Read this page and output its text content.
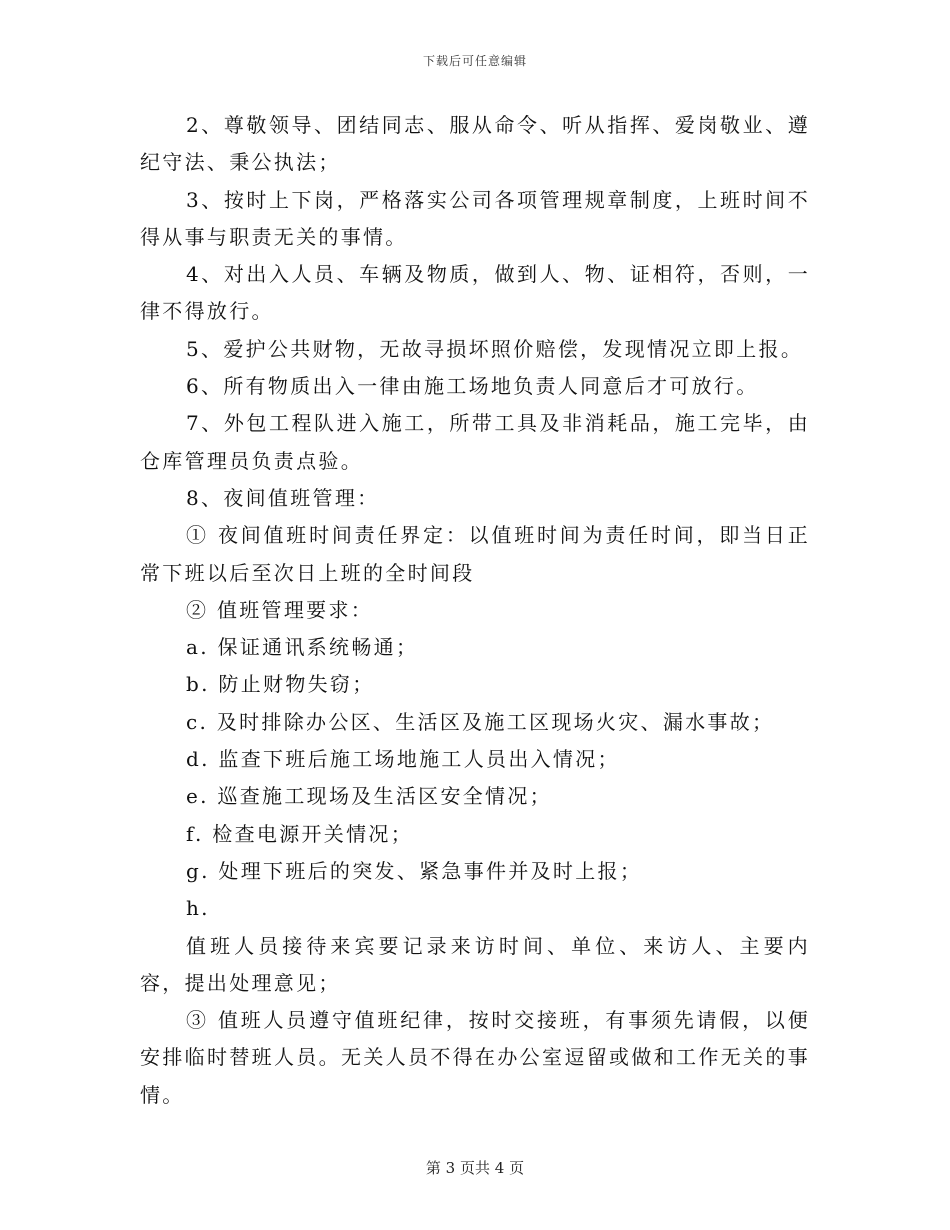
下载后可任意编辑

2、尊敬领导、团结同志、服从命令、听从指挥、爱岗敬业、遵纪守法、秉公执法；

3、按时上下岗，严格落实公司各项管理规章制度，上班时间不得从事与职责无关的事情。

4、对出入人员、车辆及物质，做到人、物、证相符，否则，一律不得放行。

5、爱护公共财物，无故寻损坏照价赔偿，发现情况立即上报。

6、所有物质出入一律由施工场地负责人同意后才可放行。

7、外包工程队进入施工，所带工具及非消耗品，施工完毕，由仓库管理员负责点验。

8、夜间值班管理：

① 夜间值班时间责任界定：以值班时间为责任时间，即当日正常下班以后至次日上班的全时间段

② 值班管理要求：

a. 保证通讯系统畅通；

b. 防止财物失窃；

c. 及时排除办公区、生活区及施工区现场火灾、漏水事故；

d. 监查下班后施工场地施工人员出入情况；

e. 巡查施工现场及生活区安全情况；

f. 检查电源开关情况；

g. 处理下班后的突发、紧急事件并及时上报；

h.

值班人员接待来宾要记录来访时间、单位、来访人、主要内容，提出处理意见；

③ 值班人员遵守值班纪律，按时交接班，有事须先请假，以便安排临时替班人员。无关人员不得在办公室逗留或做和工作无关的事情。

第 3 页共 4 页
